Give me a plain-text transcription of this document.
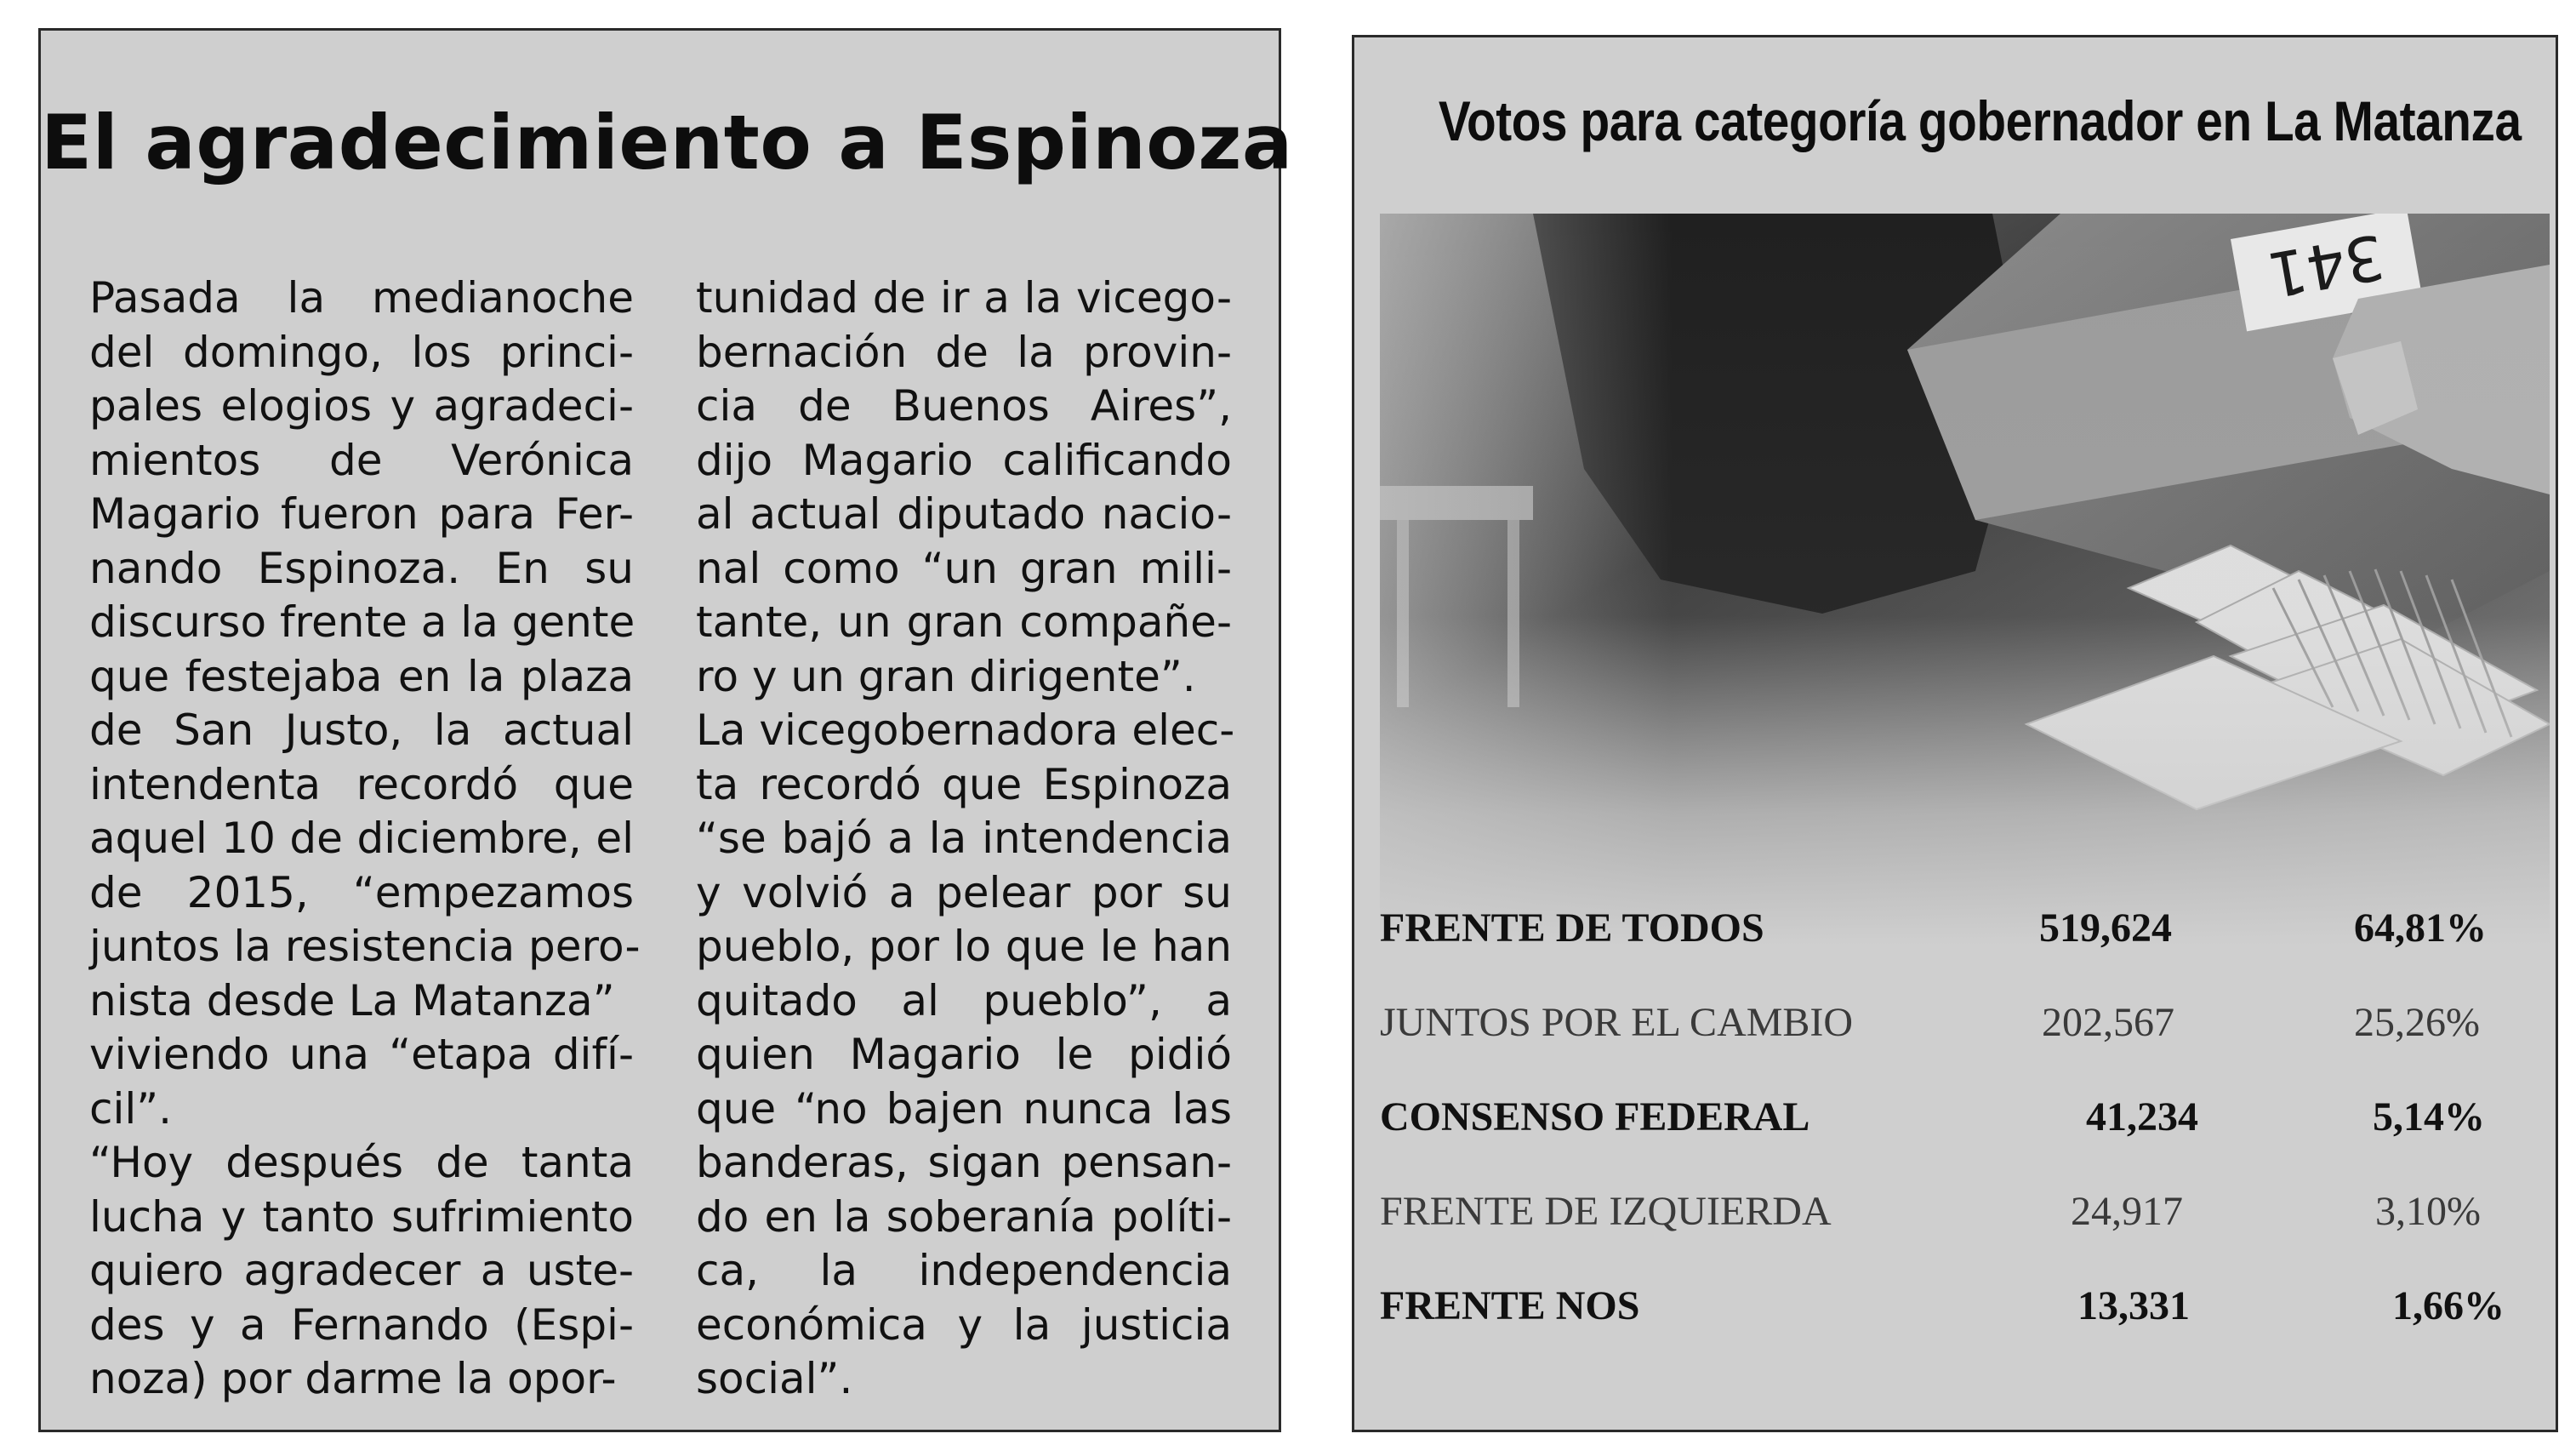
El agradecimiento a Espinoza
Pasada la medianoche
del domingo, los princi-
pales elogios y agradeci-
mientos de Verónica
Magario fueron para Fer-
nando Espinoza. En su
discurso frente a la gente
que festejaba en la plaza
de San Justo, la actual
intendenta recordó que
aquel 10 de diciembre, el
de 2015, “empezamos
juntos la resistencia pero-
nista desde La Matanza”
viviendo una “etapa difí-
cil”.
“Hoy después de tanta
lucha y tanto sufrimiento
quiero agradecer a uste-
des y a Fernando (Espi-
noza) por darme la opor-
tunidad de ir a la vicego-
bernación de la provin-
cia de Buenos Aires”,
dijo Magario calificando
al actual diputado nacio-
nal como “un gran mili-
tante, un gran compañe-
ro y un gran dirigente”.
La vicegobernadora elec-
ta recordó que Espinoza
“se bajó a la intendencia
y volvió a pelear por su
pueblo, por lo que le han
quitado al pueblo”, a
quien Magario le pidió
que “no bajen nunca las
banderas, sigan pensan-
do en la soberanía políti-
ca, la independencia
económica y la justicia
social”.
Votos para categoría gobernador en La Matanza
FRENTE DE TODOS	519,624	64,81%
JUNTOS POR EL CAMBIO	202,567	25,26%
CONSENSO FEDERAL	41,234	5,14%
FRENTE DE IZQUIERDA	24,917	3,10%
FRENTE NOS	13,331	1,66%
